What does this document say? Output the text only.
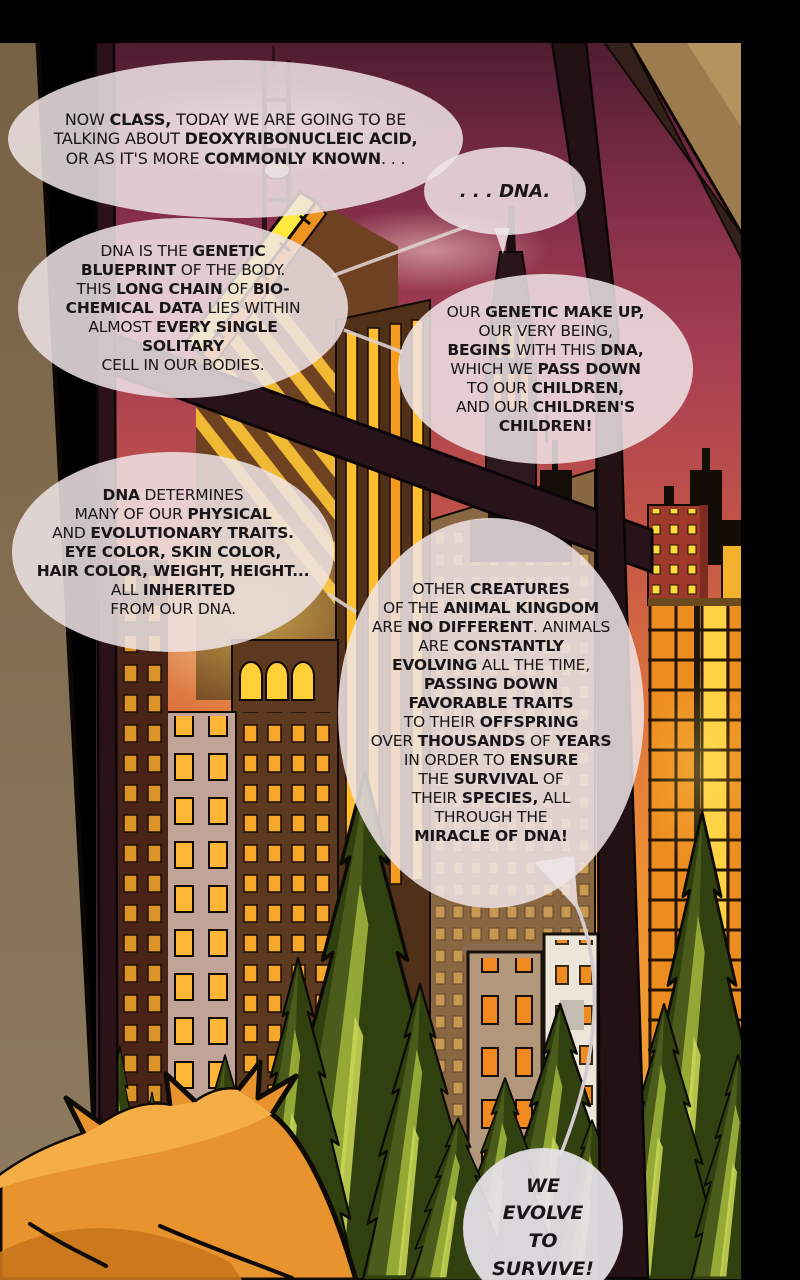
NOW CLASS, TODAY WE ARE GOING TO BE
TALKING ABOUT DEOXYRIBONUCLEIC ACID,
OR AS IT'S MORE COMMONLY KNOWN. . .
. . . DNA.
DNA IS THE GENETIC
BLUEPRINT OF THE BODY.
THIS LONG CHAIN OF BIO-
CHEMICAL DATA LIES WITHIN
ALMOST EVERY SINGLE
SOLITARY
CELL IN OUR BODIES.
OUR GENETIC MAKE UP,
OUR VERY BEING,
BEGINS WITH THIS DNA,
WHICH WE PASS DOWN
TO OUR CHILDREN,
AND OUR CHILDREN'S
CHILDREN!
DNA DETERMINES
MANY OF OUR PHYSICAL
AND EVOLUTIONARY TRAITS.
EYE COLOR, SKIN COLOR,
HAIR COLOR, WEIGHT, HEIGHT...
ALL INHERITED
FROM OUR DNA.
OTHER CREATURES
OF THE ANIMAL KINGDOM
ARE NO DIFFERENT. ANIMALS
ARE CONSTANTLY
EVOLVING ALL THE TIME,
PASSING DOWN
FAVORABLE TRAITS
TO THEIR OFFSPRING
OVER THOUSANDS OF YEARS
IN ORDER TO ENSURE
THE SURVIVAL OF
THEIR SPECIES, ALL
THROUGH THE
MIRACLE OF DNA!
WE
EVOLVE
TO
SURVIVE!
